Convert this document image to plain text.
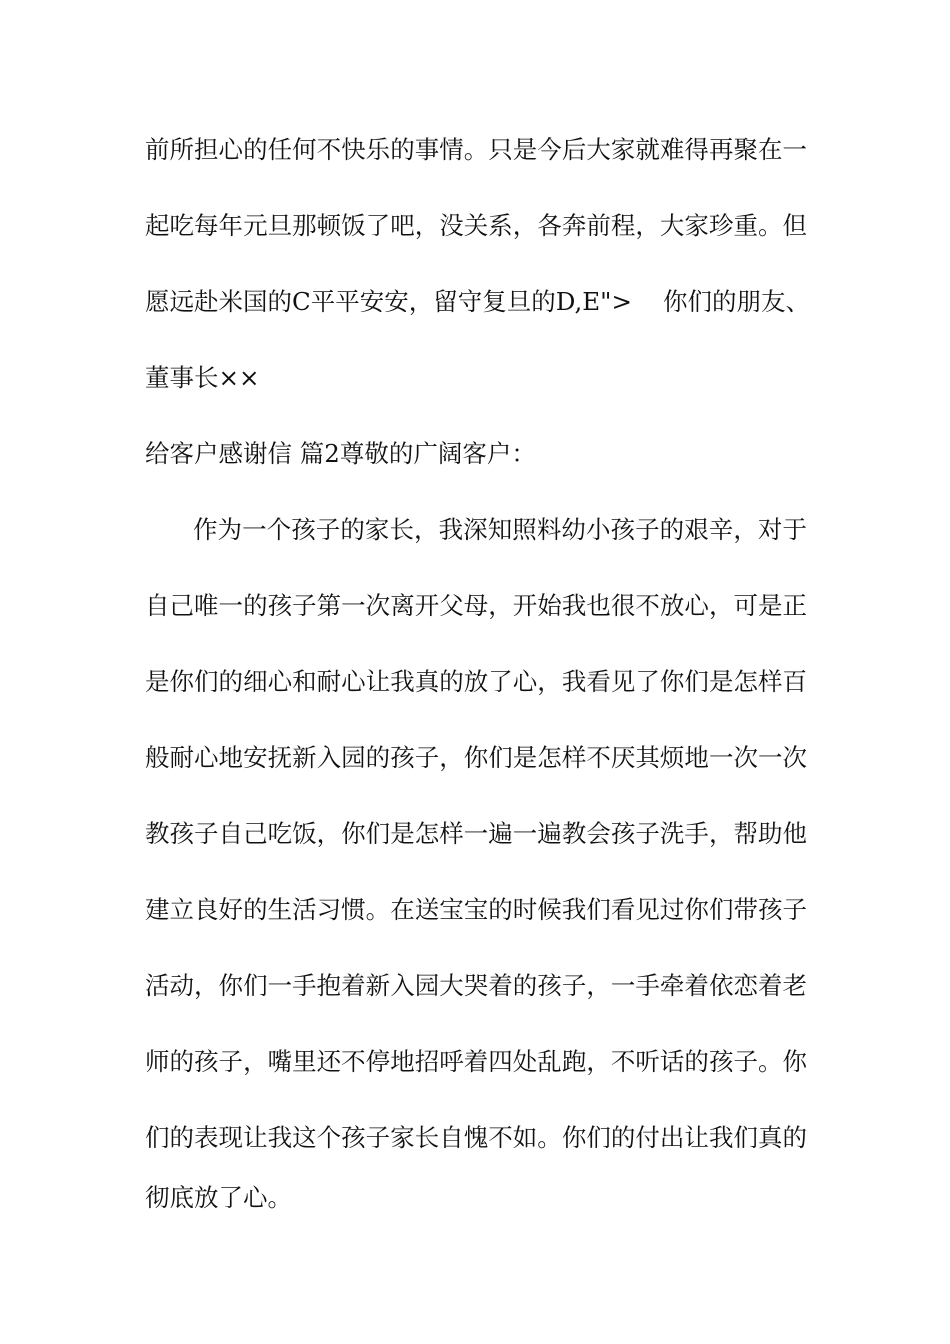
前所担心的任何不快乐的事情。只是今后大家就难得再聚在一
起吃每年元旦那顿饭了吧，没关系，各奔前程，大家珍重。但
愿远赴米国的C平平安安，留守复旦的D,E">	你们的朋友、
董事长××
给客户感谢信 篇2尊敬的广阔客户：
作为一个孩子的家长，我深知照料幼小孩子的艰辛，对于
自己唯一的孩子第一次离开父母，开始我也很不放心，可是正
是你们的细心和耐心让我真的放了心，我看见了你们是怎样百
般耐心地安抚新入园的孩子，你们是怎样不厌其烦地一次一次
教孩子自己吃饭，你们是怎样一遍一遍教会孩子洗手，帮助他
建立良好的生活习惯。在送宝宝的时候我们看见过你们带孩子
活动，你们一手抱着新入园大哭着的孩子，一手牵着依恋着老
师的孩子，嘴里还不停地招呼着四处乱跑，不听话的孩子。你
们的表现让我这个孩子家长自愧不如。你们的付出让我们真的
彻底放了心。
